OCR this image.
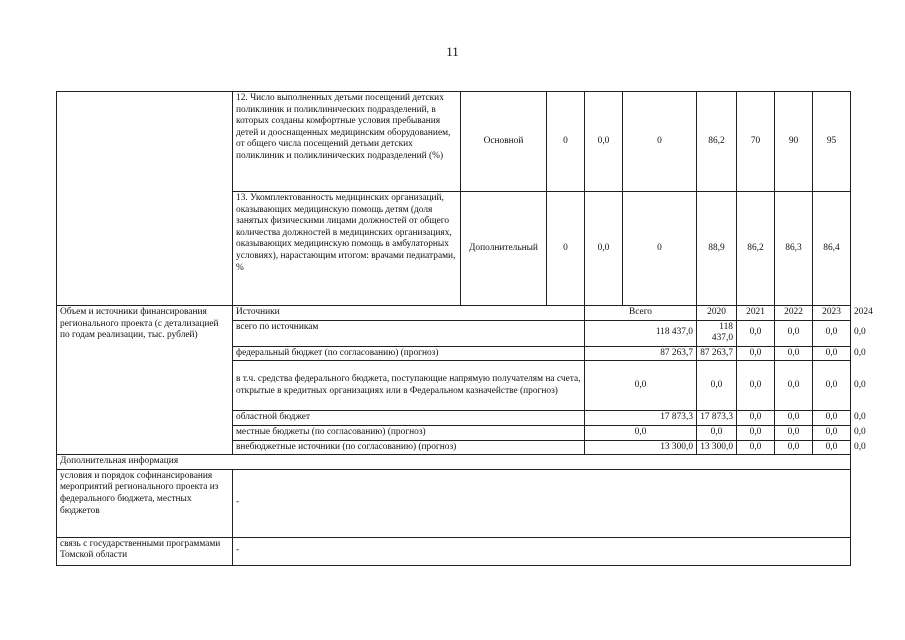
11
	12. Число выполненных детьми посещений детских поликлиник и поликлинических подразделений, в которых созданы комфортные условия пребывания детей и дооснащенных медицинским оборудованием, от общего числа посещений детьми детских поликлиник и поликлинических подразделений (%)	Основной	0	0,0	0	86,2	70	90	95	
	13. Укомплектованность медицинских организаций, оказывающих медицинскую помощь детям (доля занятых физическими лицами должностей от общего количества должностей в медицинских организациях, оказывающих медицинскую помощь в амбулаторных условиях), нарастающим итогом: врачами педиатрами, %	Дополнительный	0	0,0	0	88,9	86,2	86,3	86,4	
Объем и источники финансирования регионального проекта (с детализацией по годам реализации, тыс. рублей)	Источники			Всего		2020	2021	2022	2023	2024
	всего по источникам			118 437,0		118 437,0	0,0	0,0	0,0	0,0
	федеральный бюджет (по согласованию) (прогноз)			87 263,7		87 263,7	0,0	0,0	0,0	0,0
	в т.ч. средства федерального бюджета, поступающие напрямую получателям на счета, открытые в кредитных организациях или в Федеральном казначействе (прогноз)			0,0		0,0	0,0	0,0	0,0	0,0
	областной бюджет			17 873,3		17 873,3	0,0	0,0	0,0	0,0
	местные бюджеты (по согласованию) (прогноз)			0,0		0,0	0,0	0,0	0,0	0,0
	внебюджетные источники (по согласованию) (прогноз)			13 300,0		13 300,0	0,0	0,0	0,0	0,0
Дополнительная информация										
условия и порядок софинансирования мероприятий регионального проекта из федерального бюджета, местных бюджетов	-									
связь с государственными программами Томской области	-									
